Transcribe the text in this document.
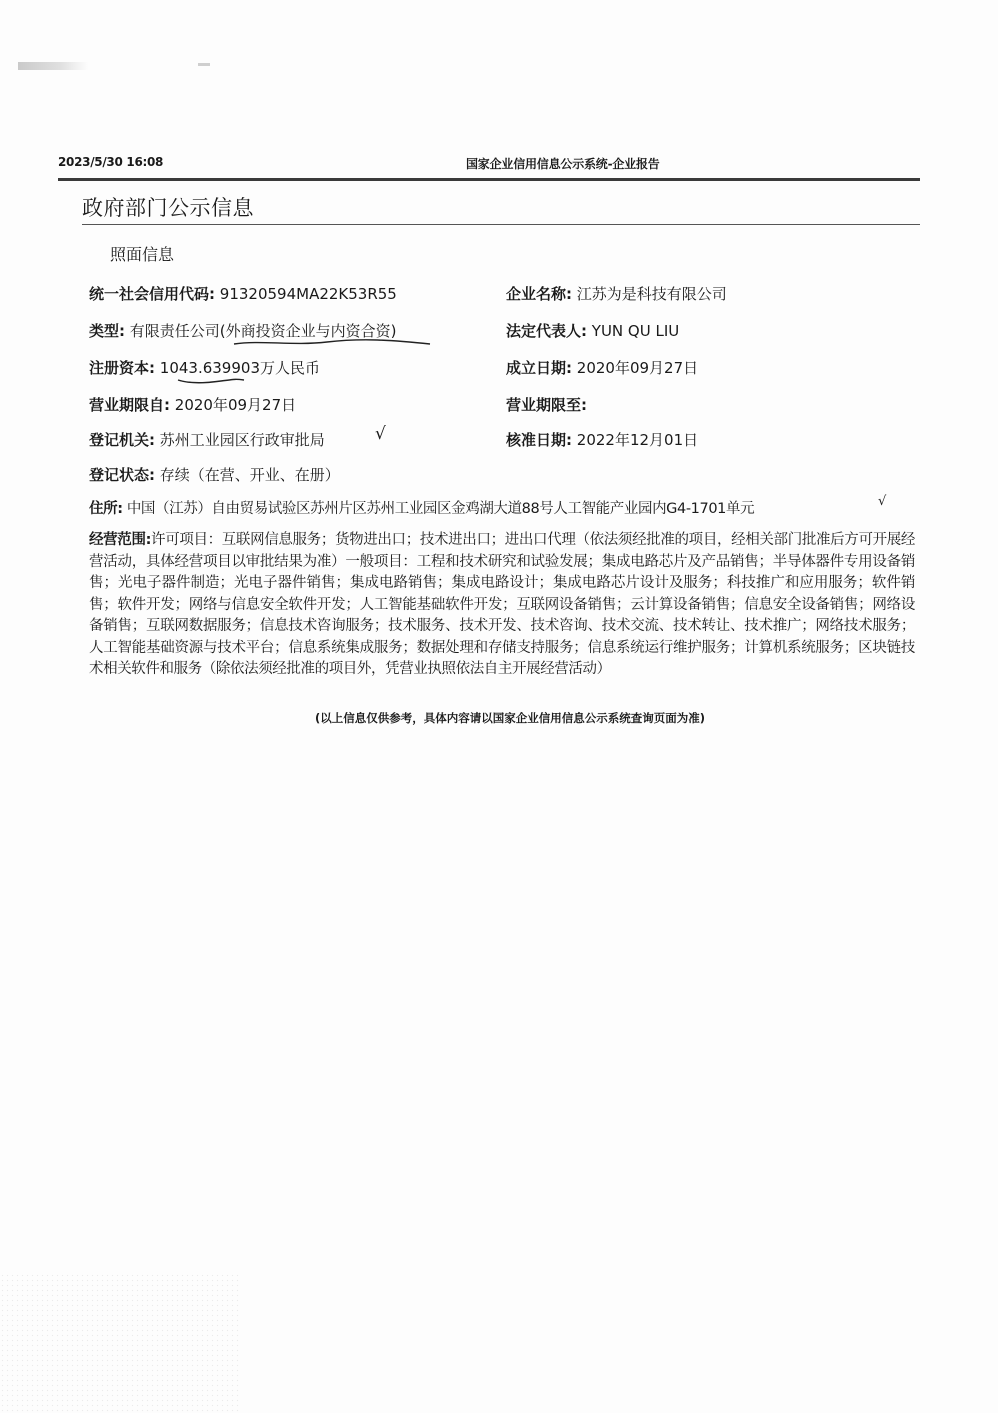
2023/5/30 16:08	国家企业信用信息公示系统-企业报告
政府部门公示信息
照面信息
统一社会信用代码: 91320594MA22K53R55	企业名称: 江苏为是科技有限公司
类型: 有限责任公司(外商投资企业与内资合资)	法定代表人: YUN QU LIU
注册资本: 1043.639903万人民币	成立日期: 2020年09月27日
营业期限自: 2020年09月27日	营业期限至:
登记机关: 苏州工业园区行政审批局	√	核准日期: 2022年12月01日
登记状态: 存续（在营、开业、在册）
住所: 中国（江苏）自由贸易试验区苏州片区苏州工业园区金鸡湖大道88号人工智能产业园内G4-1701单元	√
经营范围:许可项目：互联网信息服务；货物进出口；技术进出口；进出口代理（依法须经批准的项目，经相关部门批准后方可开展经营活动，具体经营项目以审批结果为准）一般项目：工程和技术研究和试验发展；集成电路芯片及产品销售；半导体器件专用设备销售；光电子器件制造；光电子器件销售；集成电路销售；集成电路设计；集成电路芯片设计及服务；科技推广和应用服务；软件销售；软件开发；网络与信息安全软件开发；人工智能基础软件开发；互联网设备销售；云计算设备销售；信息安全设备销售；网络设备销售；互联网数据服务；信息技术咨询服务；技术服务、技术开发、技术咨询、技术交流、技术转让、技术推广；网络技术服务；人工智能基础资源与技术平台；信息系统集成服务；数据处理和存储支持服务；信息系统运行维护服务；计算机系统服务；区块链技术相关软件和服务（除依法须经批准的项目外，凭营业执照依法自主开展经营活动）
(以上信息仅供参考，具体内容请以国家企业信用信息公示系统查询页面为准)
